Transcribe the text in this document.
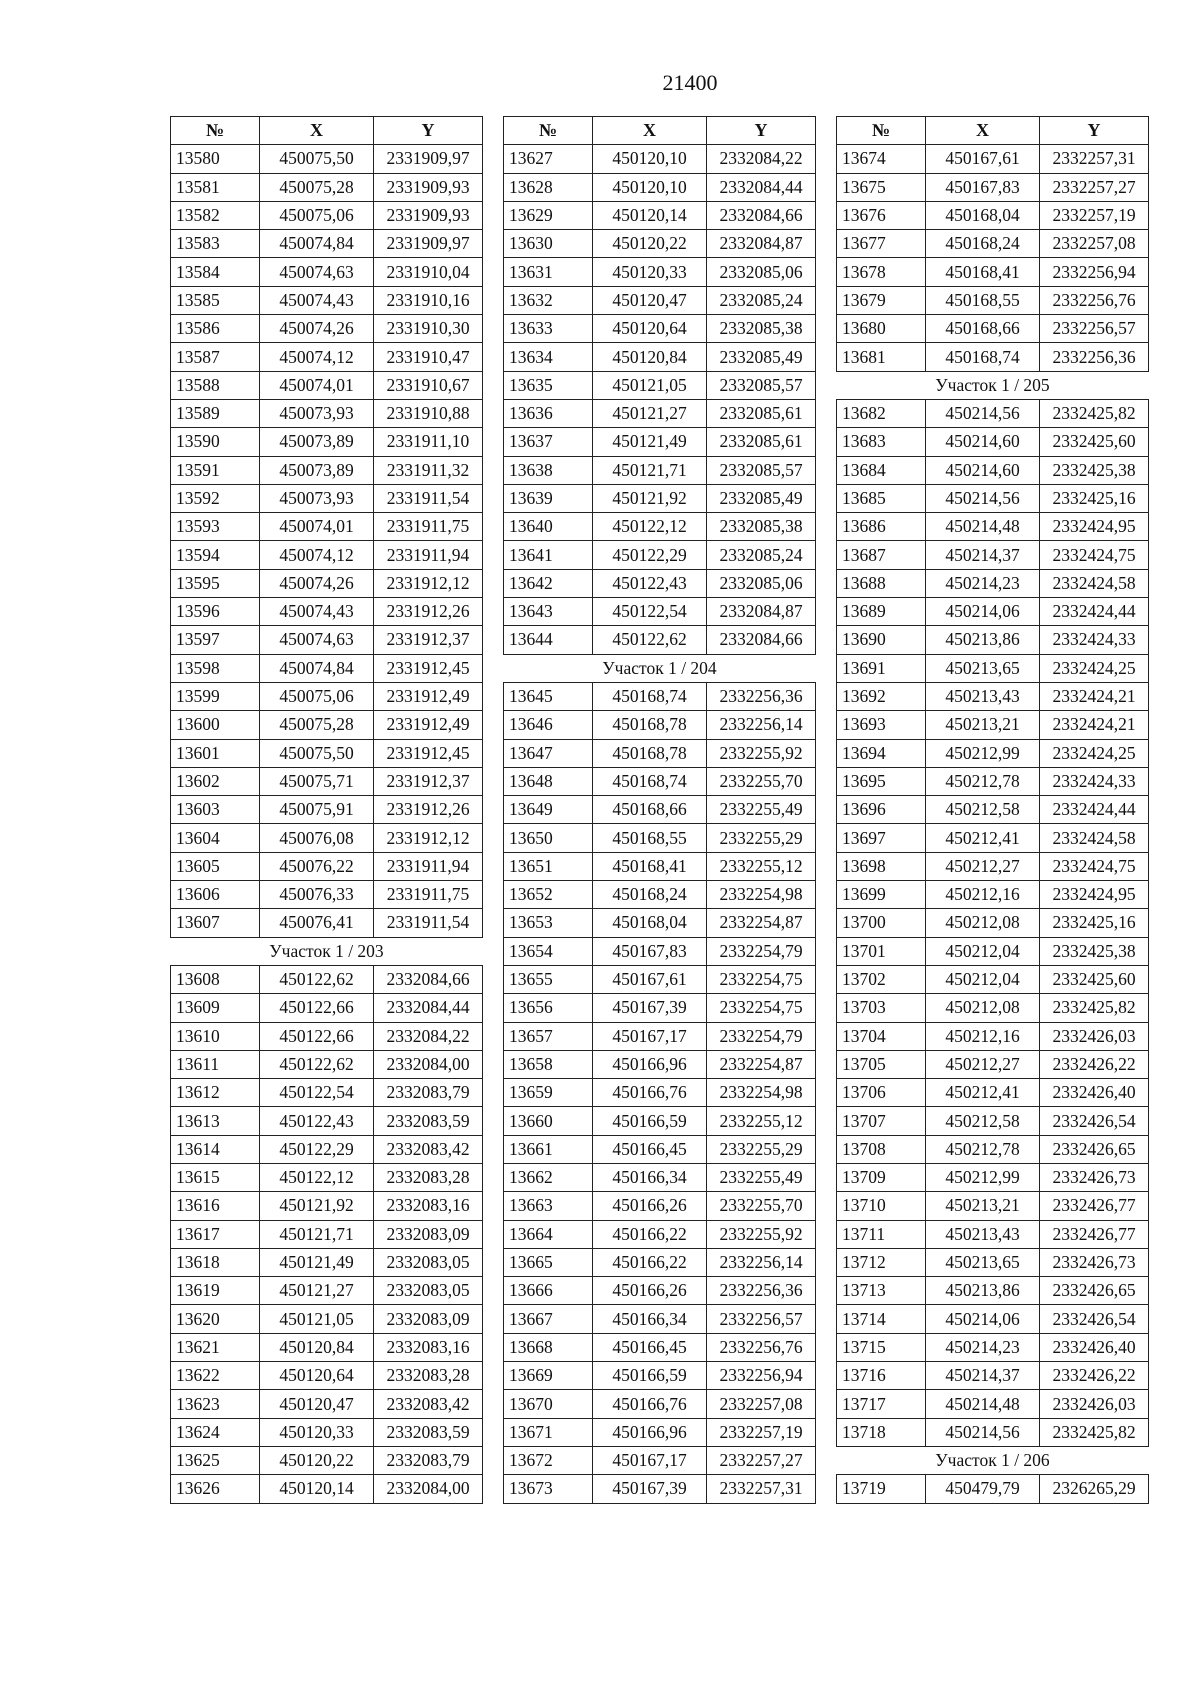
21400
№	X	Y
13580	450075,50	2331909,97
13581	450075,28	2331909,93
13582	450075,06	2331909,93
13583	450074,84	2331909,97
13584	450074,63	2331910,04
13585	450074,43	2331910,16
13586	450074,26	2331910,30
13587	450074,12	2331910,47
13588	450074,01	2331910,67
13589	450073,93	2331910,88
13590	450073,89	2331911,10
13591	450073,89	2331911,32
13592	450073,93	2331911,54
13593	450074,01	2331911,75
13594	450074,12	2331911,94
13595	450074,26	2331912,12
13596	450074,43	2331912,26
13597	450074,63	2331912,37
13598	450074,84	2331912,45
13599	450075,06	2331912,49
13600	450075,28	2331912,49
13601	450075,50	2331912,45
13602	450075,71	2331912,37
13603	450075,91	2331912,26
13604	450076,08	2331912,12
13605	450076,22	2331911,94
13606	450076,33	2331911,75
13607	450076,41	2331911,54
Участок 1 / 203		
13608	450122,62	2332084,66
13609	450122,66	2332084,44
13610	450122,66	2332084,22
13611	450122,62	2332084,00
13612	450122,54	2332083,79
13613	450122,43	2332083,59
13614	450122,29	2332083,42
13615	450122,12	2332083,28
13616	450121,92	2332083,16
13617	450121,71	2332083,09
13618	450121,49	2332083,05
13619	450121,27	2332083,05
13620	450121,05	2332083,09
13621	450120,84	2332083,16
13622	450120,64	2332083,28
13623	450120,47	2332083,42
13624	450120,33	2332083,59
13625	450120,22	2332083,79
13626	450120,14	2332084,00
№	X	Y
13627	450120,10	2332084,22
13628	450120,10	2332084,44
13629	450120,14	2332084,66
13630	450120,22	2332084,87
13631	450120,33	2332085,06
13632	450120,47	2332085,24
13633	450120,64	2332085,38
13634	450120,84	2332085,49
13635	450121,05	2332085,57
13636	450121,27	2332085,61
13637	450121,49	2332085,61
13638	450121,71	2332085,57
13639	450121,92	2332085,49
13640	450122,12	2332085,38
13641	450122,29	2332085,24
13642	450122,43	2332085,06
13643	450122,54	2332084,87
13644	450122,62	2332084,66
Участок 1 / 204		
13645	450168,74	2332256,36
13646	450168,78	2332256,14
13647	450168,78	2332255,92
13648	450168,74	2332255,70
13649	450168,66	2332255,49
13650	450168,55	2332255,29
13651	450168,41	2332255,12
13652	450168,24	2332254,98
13653	450168,04	2332254,87
13654	450167,83	2332254,79
13655	450167,61	2332254,75
13656	450167,39	2332254,75
13657	450167,17	2332254,79
13658	450166,96	2332254,87
13659	450166,76	2332254,98
13660	450166,59	2332255,12
13661	450166,45	2332255,29
13662	450166,34	2332255,49
13663	450166,26	2332255,70
13664	450166,22	2332255,92
13665	450166,22	2332256,14
13666	450166,26	2332256,36
13667	450166,34	2332256,57
13668	450166,45	2332256,76
13669	450166,59	2332256,94
13670	450166,76	2332257,08
13671	450166,96	2332257,19
13672	450167,17	2332257,27
13673	450167,39	2332257,31
№	X	Y
13674	450167,61	2332257,31
13675	450167,83	2332257,27
13676	450168,04	2332257,19
13677	450168,24	2332257,08
13678	450168,41	2332256,94
13679	450168,55	2332256,76
13680	450168,66	2332256,57
13681	450168,74	2332256,36
Участок 1 / 205		
13682	450214,56	2332425,82
13683	450214,60	2332425,60
13684	450214,60	2332425,38
13685	450214,56	2332425,16
13686	450214,48	2332424,95
13687	450214,37	2332424,75
13688	450214,23	2332424,58
13689	450214,06	2332424,44
13690	450213,86	2332424,33
13691	450213,65	2332424,25
13692	450213,43	2332424,21
13693	450213,21	2332424,21
13694	450212,99	2332424,25
13695	450212,78	2332424,33
13696	450212,58	2332424,44
13697	450212,41	2332424,58
13698	450212,27	2332424,75
13699	450212,16	2332424,95
13700	450212,08	2332425,16
13701	450212,04	2332425,38
13702	450212,04	2332425,60
13703	450212,08	2332425,82
13704	450212,16	2332426,03
13705	450212,27	2332426,22
13706	450212,41	2332426,40
13707	450212,58	2332426,54
13708	450212,78	2332426,65
13709	450212,99	2332426,73
13710	450213,21	2332426,77
13711	450213,43	2332426,77
13712	450213,65	2332426,73
13713	450213,86	2332426,65
13714	450214,06	2332426,54
13715	450214,23	2332426,40
13716	450214,37	2332426,22
13717	450214,48	2332426,03
13718	450214,56	2332425,82
Участок 1 / 206		
13719	450479,79	2326265,29
